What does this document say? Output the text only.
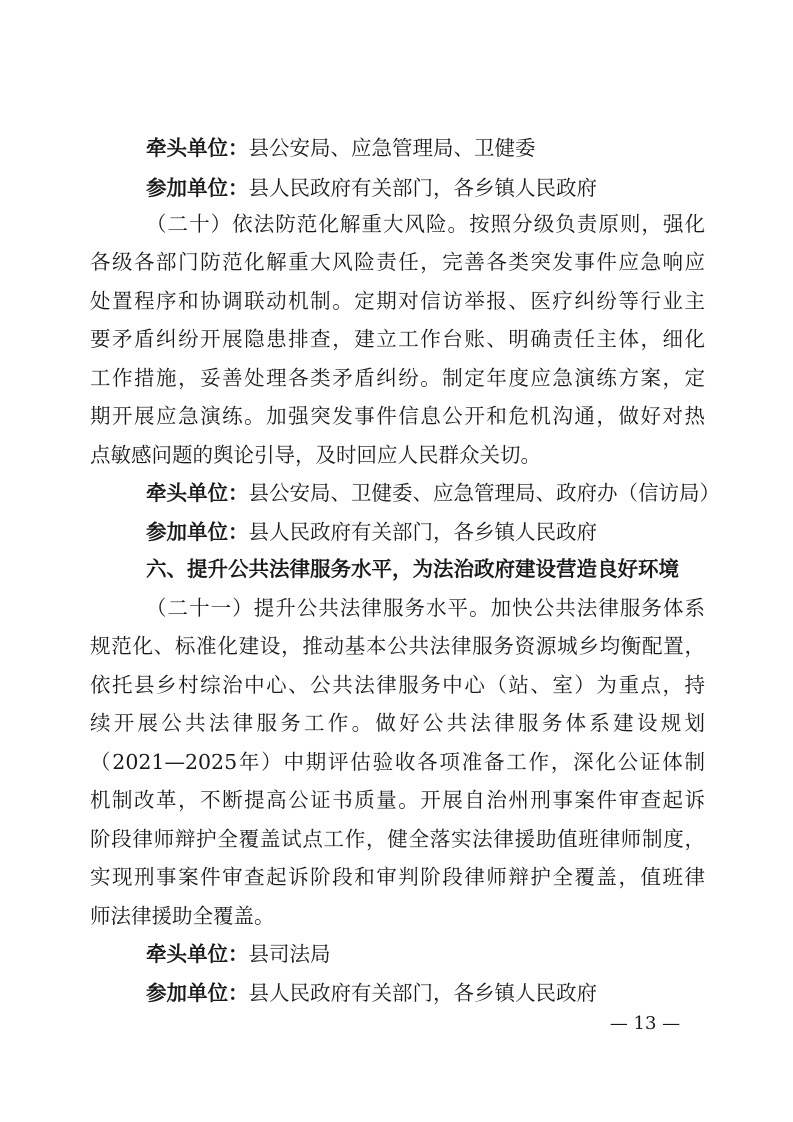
牵头单位：县公安局、应急管理局、卫健委
参加单位：县人民政府有关部门，各乡镇人民政府
（二十）依法防范化解重大风险。按照分级负责原则，强化
各级各部门防范化解重大风险责任，完善各类突发事件应急响应
处置程序和协调联动机制。定期对信访举报、医疗纠纷等行业主
要矛盾纠纷开展隐患排查，建立工作台账、明确责任主体，细化
工作措施，妥善处理各类矛盾纠纷。制定年度应急演练方案，定
期开展应急演练。加强突发事件信息公开和危机沟通，做好对热
点敏感问题的舆论引导，及时回应人民群众关切。
牵头单位：县公安局、卫健委、应急管理局、政府办（信访局）
参加单位：县人民政府有关部门，各乡镇人民政府
六、提升公共法律服务水平，为法治政府建设营造良好环境
（二十一）提升公共法律服务水平。加快公共法律服务体系
规范化、标准化建设，推动基本公共法律服务资源城乡均衡配置，
依托县乡村综治中心、公共法律服务中心（站、室）为重点，持
续开展公共法律服务工作。做好公共法律服务体系建设规划
（2021—2025年）中期评估验收各项准备工作，深化公证体制
机制改革，不断提高公证书质量。开展自治州刑事案件审查起诉
阶段律师辩护全覆盖试点工作，健全落实法律援助值班律师制度，
实现刑事案件审查起诉阶段和审判阶段律师辩护全覆盖，值班律
师法律援助全覆盖。
牵头单位：县司法局
参加单位：县人民政府有关部门，各乡镇人民政府
— 13 —
